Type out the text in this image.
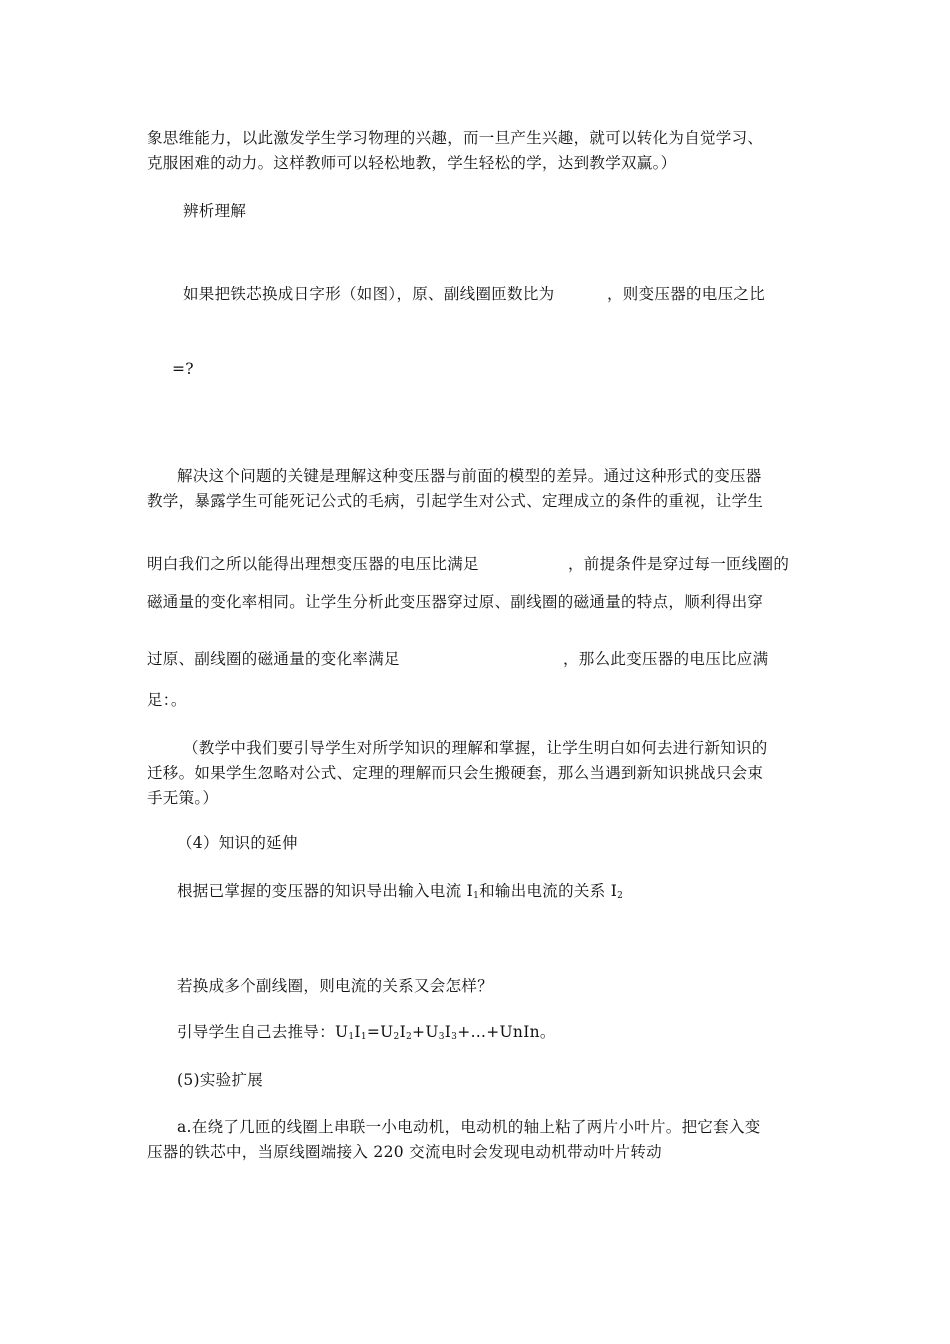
象思维能力，以此激发学生学习物理的兴趣，而一旦产生兴趣，就可以转化为自觉学习、
克服困难的动力。这样教师可以轻松地教，学生轻松的学，达到教学双赢。）
辨析理解
如果把铁芯换成日字形（如图），原、副线圈匝数比为	，则变压器的电压之比
=?
解决这个问题的关键是理解这种变压器与前面的模型的差异。通过这种形式的变压器
教学，暴露学生可能死记公式的毛病，引起学生对公式、定理成立的条件的重视，让学生
明白我们之所以能得出理想变压器的电压比满足	，前提条件是穿过每一匝线圈的
磁通量的变化率相同。让学生分析此变压器穿过原、副线圈的磁通量的特点，顺利得出穿
过原、副线圈的磁通量的变化率满足	，那么此变压器的电压比应满
足：。
（教学中我们要引导学生对所学知识的理解和掌握，让学生明白如何去进行新知识的
迁移。如果学生忽略对公式、定理的理解而只会生搬硬套，那么当遇到新知识挑战只会束
手无策。）
（4）知识的延伸
根据已掌握的变压器的知识导出输入电流 $I_1$和输出电流的关系 $I_2$
若换成多个副线圈，则电流的关系又会怎样？
引导学生自己去推导：$U_1I_1=U_2I_2+U_3I_3+\dots+UnIn$。
(5)实验扩展
a.在绕了几匝的线圈上串联一小电动机，电动机的轴上粘了两片小叶片。把它套入变
压器的铁芯中，当原线圈端接入 220 交流电时会发现电动机带动叶片转动
